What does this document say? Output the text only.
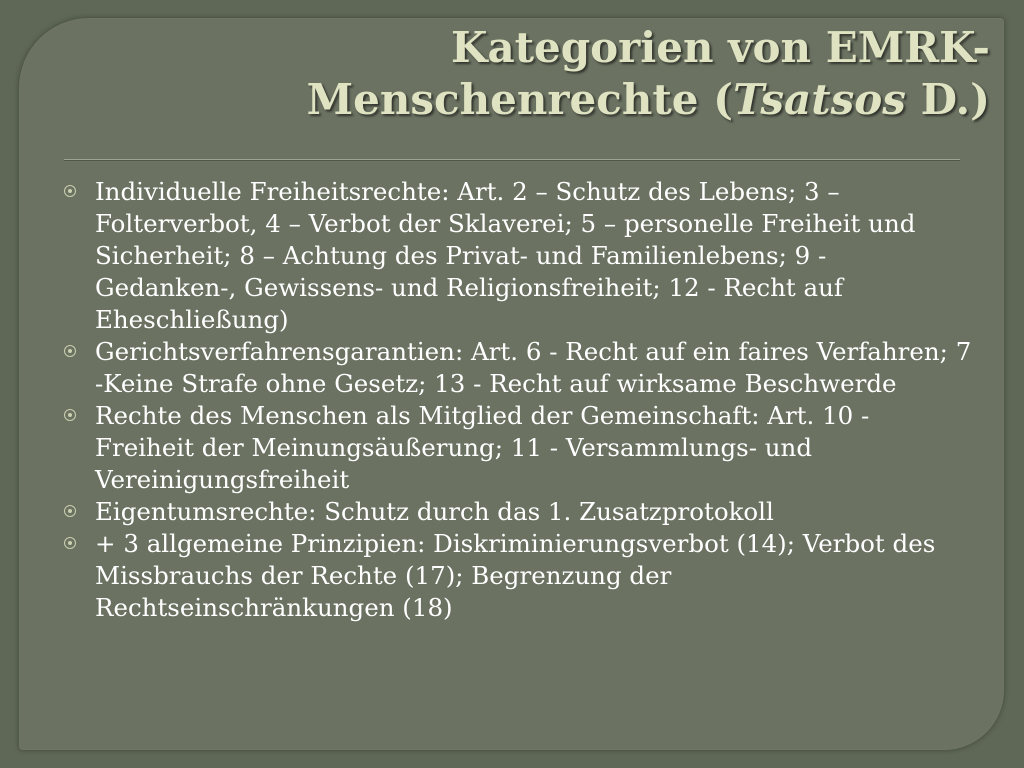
Kategorien von EMRK-
Menschenrechte (Tsatsos D.)
Individuelle Freiheitsrechte: Art. 2 – Schutz des Lebens; 3 –Folterverbot, 4 – Verbot der Sklaverei; 5 – personelle Freiheit und Sicherheit; 8 – Achtung des Privat- und Familienlebens; 9 - Gedanken-, Gewissens- und Religionsfreiheit; 12 - Recht auf Eheschließung)
Gerichtsverfahrensgarantien: Art. 6 - Recht auf ein faires Verfahren; 7 -Keine Strafe ohne Gesetz; 13 - Recht auf wirksame Beschwerde
Rechte des Menschen als Mitglied der Gemeinschaft: Art. 10 - Freiheit der Meinungsäußerung; 11 - Versammlungs- und Vereinigungsfreiheit
Eigentumsrechte: Schutz durch das 1. Zusatzprotokoll
+ 3 allgemeine Prinzipien: Diskriminierungsverbot (14); Verbot des Missbrauchs der Rechte (17); Begrenzung der Rechtseinschränkungen (18)
